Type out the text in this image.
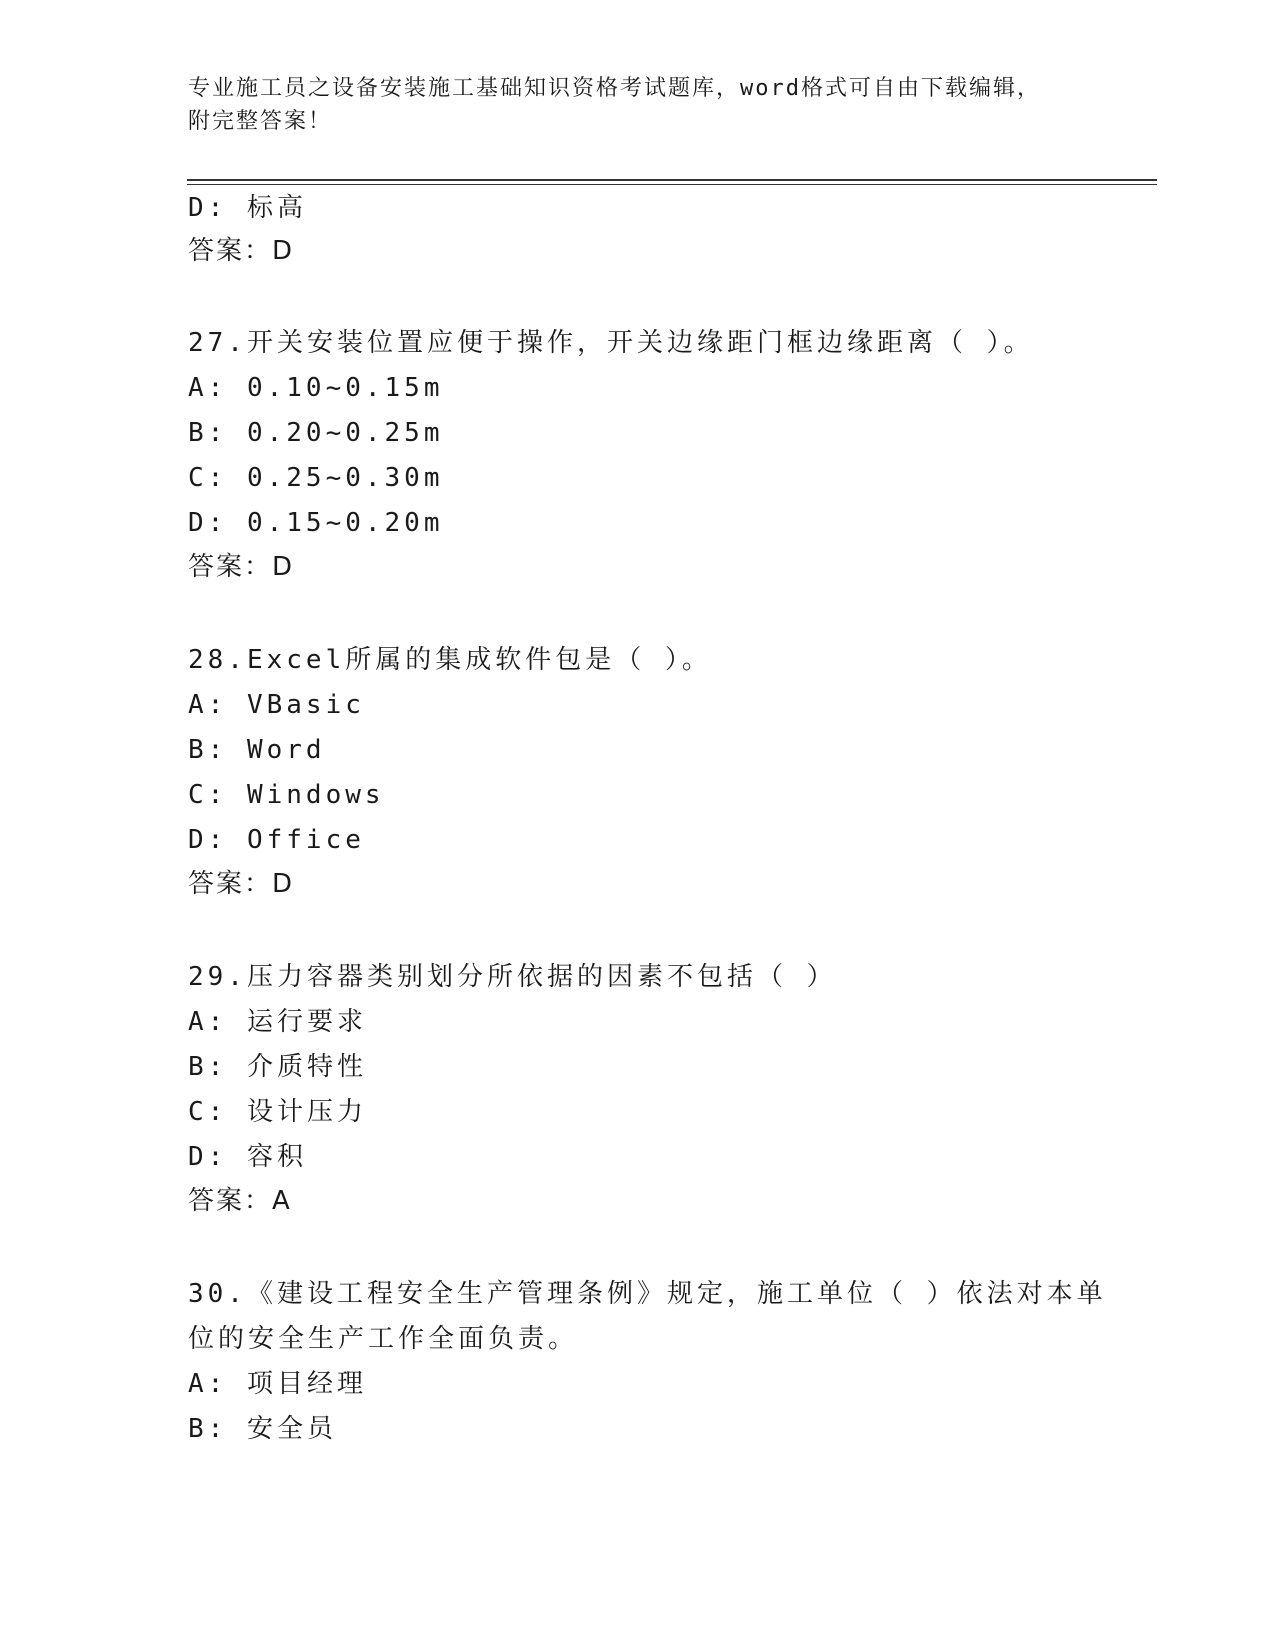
专业施工员之设备安装施工基础知识资格考试题库，word格式可自由下载编辑，
附完整答案！
D: 标高
答案：D
27.开关安装位置应便于操作，开关边缘距门框边缘距离（ ）。
A: 0.10~0.15m
B: 0.20~0.25m
C: 0.25~0.30m
D: 0.15~0.20m
答案：D
28.Excel所属的集成软件包是（ ）。
A: VBasic
B: Word
C: Windows
D: Office
答案：D
29.压力容器类别划分所依据的因素不包括（ ）
A: 运行要求
B: 介质特性
C: 设计压力
D: 容积
答案：A
30.《建设工程安全生产管理条例》规定，施工单位（ ）依法对本单
位的安全生产工作全面负责。
A: 项目经理
B: 安全员
